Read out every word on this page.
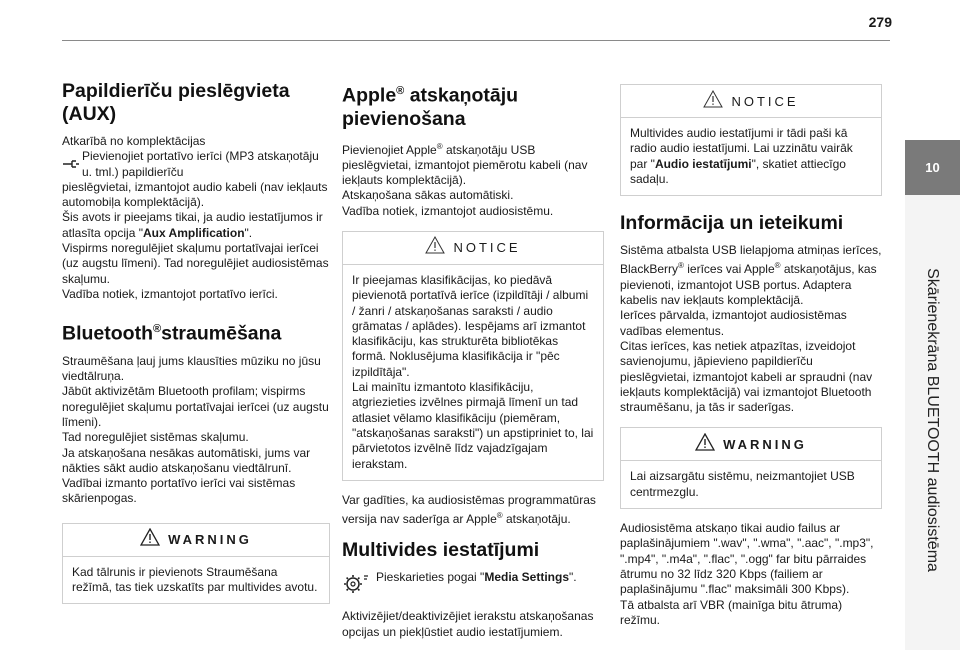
279
10
Skārienekrāna BLUETOOTH audiosistēma
Papildierīču pieslēgvieta
(AUX)

Atkarībā no komplektācijas

Pievienojiet portatīvo ierīci (MP3 atskaņotāju u. tml.) papildierīču

pieslēgvietai, izmantojot audio kabeli (nav iekļauts automobiļa komplektācijā).

Šis avots ir pieejams tikai, ja audio iestatījumos ir atlasīta opcija "Aux Amplification".

Vispirms noregulējiet skaļumu portatīvajai ierīcei (uz augstu līmeni). Tad noregulējiet audiosistēmas skaļumu.

Vadība notiek, izmantojot portatīvo ierīci.

Bluetooth®straumēšana

Straumēšana ļauj jums klausīties mūziku no jūsu viedtālruņa.

Jābūt aktivizētām Bluetooth profilam; vispirms noregulējiet skaļumu portatīvajai ierīcei (uz augstu līmeni).

Tad noregulējiet sistēmas skaļumu.

Ja atskaņošana nesākas automātiski, jums var nākties sākt audio atskaņošanu viedtālrunī.

Vadībai izmanto portatīvo ierīci vai sistēmas skārienpogas.

WARNING

Kad tālrunis ir pievienots Straumēšana režīmā, tas tiek uzskatīts par multivides avotu.

Apple® atskaņotāju
pievienošana

Pievienojiet Apple® atskaņotāju USB pieslēgvietai, izmantojot piemērotu kabeli (nav iekļauts komplektācijā).

Atskaņošana sākas automātiski.

Vadība notiek, izmantojot audiosistēmu.

NOTICE

Ir pieejamas klasifikācijas, ko piedāvā pievienotā portatīvā ierīce (izpildītāji / albumi / žanri / atskaņošanas saraksti / audio grāmatas / aplādes). Iespējams arī izmantot klasifikāciju, kas strukturēta bibliotēkas formā. Noklusējuma klasifikācija ir "pēc izpildītāja".

Lai mainītu izmantoto klasifikāciju, atgriezieties izvēlnes pirmajā līmenī un tad atlasiet vēlamo klasifikāciju (piemēram, "atskaņošanas saraksti") un apstipriniet to, lai pārvietotos izvēlnē līdz vajadzīgajam ierakstam.

Var gadīties, ka audiosistēmas programmatūras versija nav saderīga ar Apple® atskaņotāju.

Multivides iestatījumi

Pieskarieties pogai "Media Settings".

Aktivizējiet/deaktivizējiet ierakstu atskaņošanas opcijas un piekļūstiet audio iestatījumiem.

NOTICE

Multivides audio iestatījumi ir tādi paši kā radio audio iestatījumi. Lai uzzinātu vairāk par "Audio iestatījumi", skatiet attiecīgo sadaļu.

Informācija un ieteikumi

Sistēma atbalsta USB lielapjoma atmiņas ierīces, BlackBerry® ierīces vai Apple® atskaņotājus, kas pievienoti, izmantojot USB portus. Adaptera kabelis nav iekļauts komplektācijā.

Ierīces pārvalda, izmantojot audiosistēmas vadības elementus.

Citas ierīces, kas netiek atpazītas, izveidojot savienojumu, jāpievieno papildierīču pieslēgvietai, izmantojot kabeli ar spraudni (nav iekļauts komplektācijā) vai izmantojot Bluetooth straumēšanu, ja tās ir saderīgas.

WARNING

Lai aizsargātu sistēmu, neizmantojiet USB centrmezglu.

Audiosistēma atskaņo tikai audio failus ar paplašinājumiem ".wav", ".wma", ".aac", ".mp3", ".mp4", ".m4a", ".flac", ".ogg" far bitu pārraides ātrumu no 32 līdz 320 Kbps (failiem ar paplašinājumu ".flac" maksimāli 300 Kbps).

Tā atbalsta arī VBR (mainīga bitu ātruma) režīmu.
